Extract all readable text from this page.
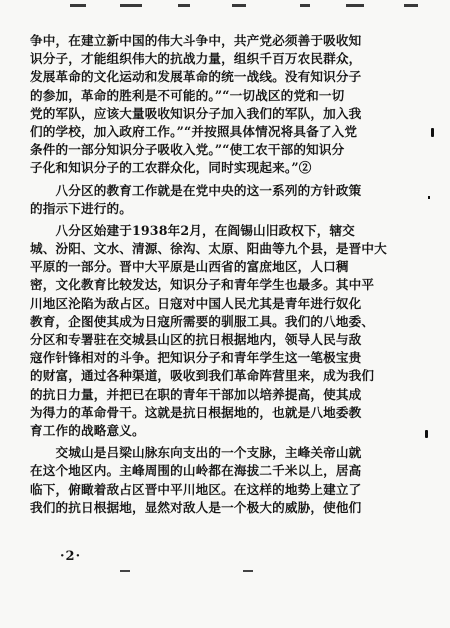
争中，在建立新中国的伟大斗争中，共产党必须善于吸收知
识分子，才能组织伟大的抗战力量，组织千百万农民群众，
发展革命的文化运动和发展革命的统一战线。没有知识分子
的参加，革命的胜利是不可能的。”“一切战区的党和一切
党的军队，应该大量吸收知识分子加入我们的军队，加入我
们的学校，加入政府工作。”“并按照具体情况将具备了入党
条件的一部分知识分子吸收入党。”“使工农干部的知识分
子化和知识分子的工农群众化，同时实现起来。”②
　　八分区的教育工作就是在党中央的这一系列的方针政策
的指示下进行的。
　　八分区始建于1938年2月，在阎锡山旧政权下，辖交
城、汾阳、文水、清源、徐沟、太原、阳曲等九个县，是晋中大
平原的一部分。晋中大平原是山西省的富庶地区，人口稠
密，文化教育比较发达，知识分子和青年学生也最多。其中平
川地区沦陷为敌占区。日寇对中国人民尤其是青年进行奴化
教育，企图使其成为日寇所需要的驯服工具。我们的八地委、
分区和专署驻在交城县山区的抗日根据地内，领导人民与敌
寇作针锋相对的斗争。把知识分子和青年学生这一笔极宝贵
的财富，通过各种渠道，吸收到我们革命阵营里来，成为我们
的抗日力量，并把已在职的青年干部加以培养提高，使其成
为得力的革命骨干。这就是抗日根据地的，也就是八地委教
育工作的战略意义。
　　交城山是吕梁山脉东向支出的一个支脉，主峰关帝山就
在这个地区内。主峰周围的山岭都在海拔二千米以上，居高
临下，俯瞰着敌占区晋中平川地区。在这样的地势上建立了
我们的抗日根据地，显然对敌人是一个极大的威胁，使他们
·2·
